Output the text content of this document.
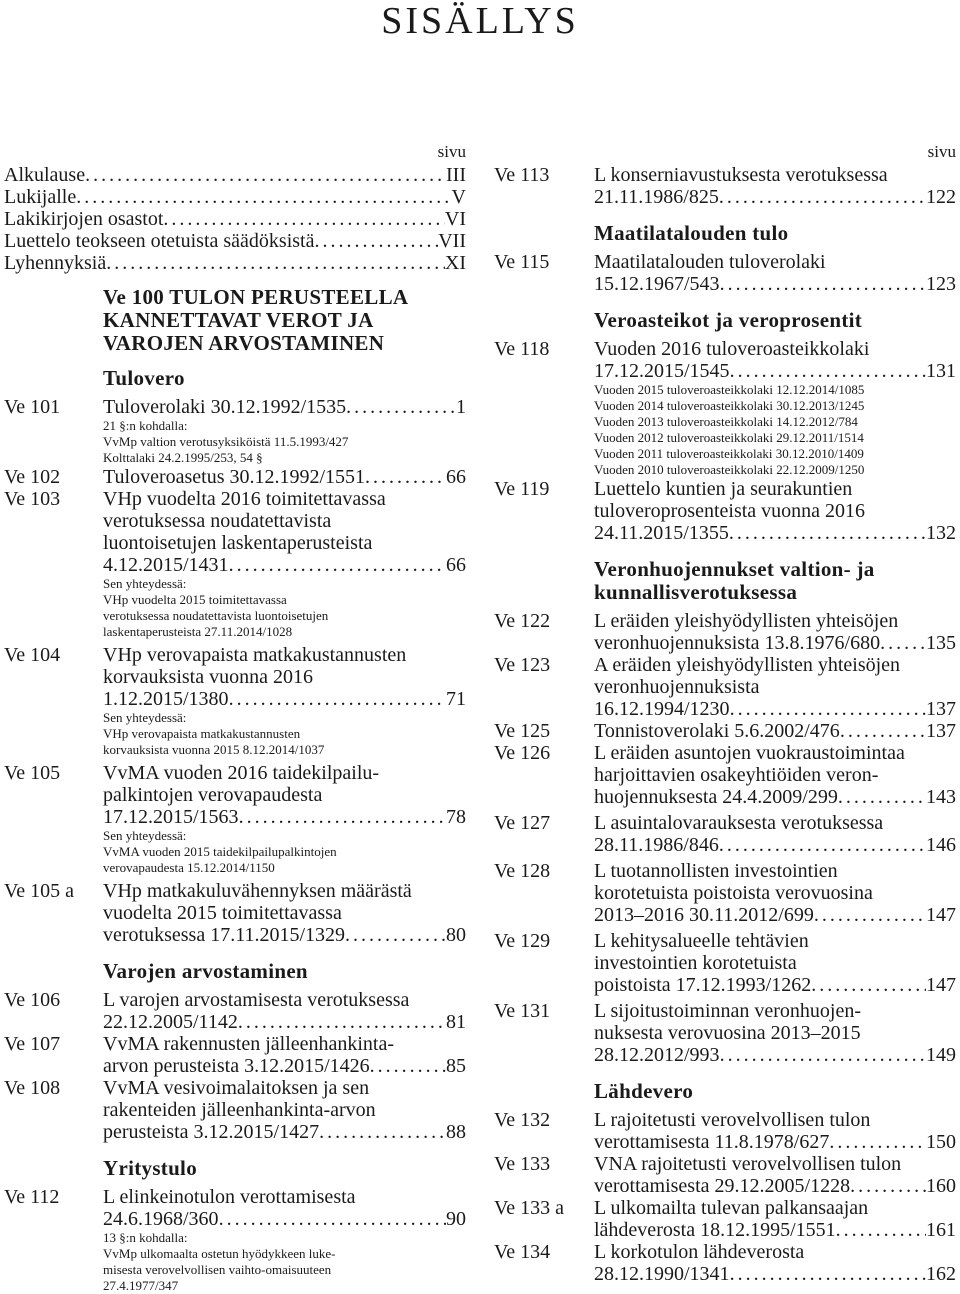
SISÄLLYS
sivu
Alkulause . . .	III
Lukijalle . . .	V
Lakikirjojen osastot . . .	VI
Luettelo teokseen otetuista säädöksistä . . .	VII
Lyhennyksiä . . .	XI
Ve 100 TULON PERUSTEELLA
KANNETTAVAT VEROT JA
VAROJEN ARVOSTAMINEN
Tulovero
Ve 101	Tuloverolaki 30.12.1992/1535 . . .	1
21 §:n kohdalla:
VvMp valtion verotusyksiköistä 11.5.1993/427
Kolttalaki 24.2.1995/253, 54 §
Ve 102	Tuloveroasetus 30.12.1992/1551 . . .	66
Ve 103	VHp vuodelta 2016 toimitettavassa
verotuksessa noudatettavista
luontoisetujen laskentaperusteista
4.12.2015/1431 . . .	66
Sen yhteydessä:
VHp vuodelta 2015 toimitettavassa
verotuksessa noudatettavista luontoisetujen
laskentaperusteista 27.11.2014/1028
Ve 104	VHp verovapaista matkakustannusten
korvauksista vuonna 2016
1.12.2015/1380 . . .	71
Sen yhteydessä:
VHp verovapaista matkakustannusten
korvauksista vuonna 2015 8.12.2014/1037
Ve 105	VvMA vuoden 2016 taidekilpailu-
palkintojen verovapaudesta
17.12.2015/1563 . . .	78
Sen yhteydessä:
VvMA vuoden 2015 taidekilpailupalkintojen
verovapaudesta 15.12.2014/1150
Ve 105 a	VHp matkakuluvähennyksen määrästä
vuodelta 2015 toimitettavassa
verotuksessa 17.11.2015/1329 . . .	80
Varojen arvostaminen
Ve 106	L varojen arvostamisesta verotuksessa
22.12.2005/1142 . . .	81
Ve 107	VvMA rakennusten jälleenhankinta-
arvon perusteista 3.12.2015/1426 . . .	85
Ve 108	VvMA vesivoimalaitoksen ja sen
rakenteiden jälleenhankinta-arvon
perusteista 3.12.2015/1427 . . .	88
Yritystulo
Ve 112	L elinkeinotulon verottamisesta
24.6.1968/360 . . .	90
13 §:n kohdalla:
VvMp ulkomaalta ostetun hyödykkeen luke-
misesta verovelvollisen vaihto-omaisuuteen
27.4.1977/347
sivu
Ve 113	L konserniavustuksesta verotuksessa
21.11.1986/825 . . .	122
Maatilatalouden tulo
Ve 115	Maatilatalouden tuloverolaki
15.12.1967/543 . . .	123
Veroasteikot ja veroprosentit
Ve 118	Vuoden 2016 tuloveroasteikkolaki
17.12.2015/1545 . . .	131
Vuoden 2015 tuloveroasteikkolaki 12.12.2014/1085
Vuoden 2014 tuloveroasteikkolaki 30.12.2013/1245
Vuoden 2013 tuloveroasteikkolaki 14.12.2012/784
Vuoden 2012 tuloveroasteikkolaki 29.12.2011/1514
Vuoden 2011 tuloveroasteikkolaki 30.12.2010/1409
Vuoden 2010 tuloveroasteikkolaki 22.12.2009/1250
Ve 119	Luettelo kuntien ja seurakuntien
tuloveroprosenteista vuonna 2016
24.11.2015/1355 . . .	132
Veronhuojennukset valtion- ja
kunnallisverotuksessa
Ve 122	L eräiden yleishyödyllisten yhteisöjen
veronhuojennuksista 13.8.1976/680 . . . 135
Ve 123	A eräiden yleishyödyllisten yhteisöjen
veronhuojennuksista
16.12.1994/1230 . . .	137
Ve 125	Tonnistoverolaki 5.6.2002/476 . . .	137
Ve 126	L eräiden asuntojen vuokraustoimintaa
harjoittavien osakeyhtiöiden veron-
huojennuksesta 24.4.2009/299 . . .	143
Ve 127	L asuintalovarauksesta verotuksessa
28.11.1986/846 . . .	146
Ve 128	L tuotannollisten investointien
korotetuista poistoista verovuosina
2013–2016 30.11.2012/699 . . .	147
Ve 129	L kehitysalueelle tehtävien
investointien korotetuista
poistoista 17.12.1993/1262 . . .	147
Ve 131	L sijoitustoiminnan veronhuojen-
nuksesta verovuosina 2013–2015
28.12.2012/993 . . .	149
Lähdevero
Ve 132	L rajoitetusti verovelvollisen tulon
verottamisesta 11.8.1978/627 . . .	150
Ve 133	VNA rajoitetusti verovelvollisen tulon
verottamisesta 29.12.2005/1228 . . .	160
Ve 133 a	L ulkomailta tulevan palkansaajan
lähdeverosta 18.12.1995/1551 . . .	161
Ve 134	L korkotulon lähdeverosta
28.12.1990/1341 . . .	162
